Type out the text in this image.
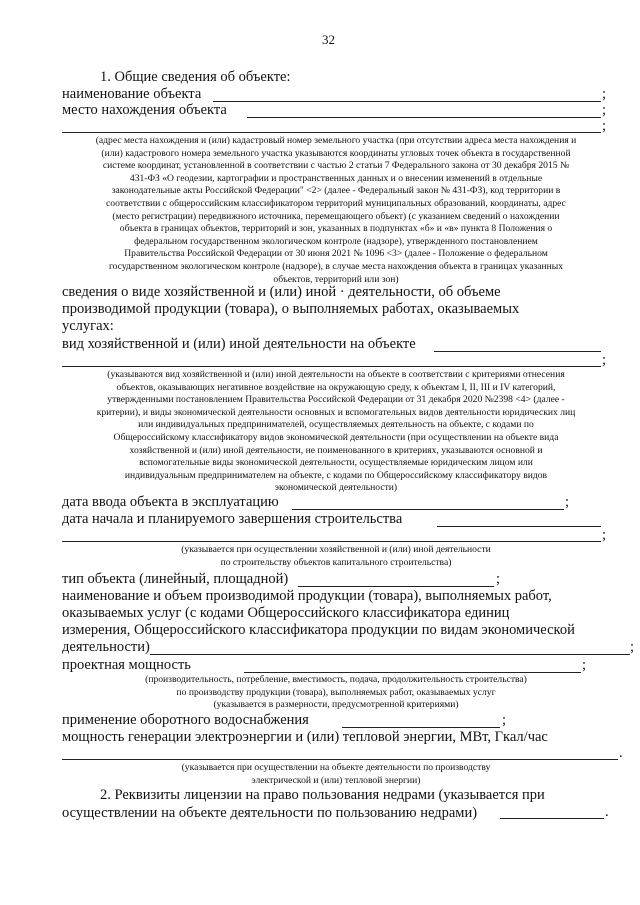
32
1. Общие сведения об объекте:
наименование объекта	;
место нахождения объекта	;
;
(адрес места нахождения и (или) кадастровый номер земельного участка (при отсутствии адреса места нахождения и
(или) кадастрового номера земельного участка указываются координаты угловых точек объекта в государственной
системе координат, установленной в соответствии с частью 2 статьи 7 Федерального закона от 30 декабря 2015 №
431-ФЗ «О геодезии, картографии и пространственных данных и о внесении изменений в отдельные
законодательные акты Российской Федерации" <2> (далее - Федеральный закон № 431-ФЗ), код территории в
соответствии с общероссийским классификатором территорий муниципальных образований, координаты, адрес
(место регистрации) передвижного источника, перемещающего объект) (с указанием сведений о нахождении
объекта в границах объектов, территорий и зон, указанных в подпунктах «б» и «в» пункта 8 Положения о
федеральном государственном экологическом контроле (надзоре), утвержденного постановлением
Правительства Российской Федерации от 30 июня 2021 № 1096 <3> (далее - Положение о федеральном
государственном экологическом контроле (надзоре), в случае места нахождения объекта в границах указанных
объектов, территорий или зон)
сведения о виде хозяйственной и (или) иной · деятельности, об объеме
производимой продукции (товара), о выполняемых работах, оказываемых
услугах:
вид хозяйственной и (или) иной деятельности на объекте
;
(указываются вид хозяйственной и (или) иной деятельности на объекте в соответствии с критериями отнесения
объектов, оказывающих негативное воздействие на окружающую среду, к объектам I, II, III и IV категорий,
утвержденными постановлением Правительства Российской Федерации от 31 декабря 2020 №2398 <4> (далее -
критерии), и виды экономической деятельности основных и вспомогательных видов деятельности юридических лиц
или индивидуальных предпринимателей, осуществляемых деятельность на объекте, с кодами по
Общероссийскому классификатору видов экономической деятельности (при осуществлении на объекте вида
хозяйственной и (или) иной деятельности, не поименованного в критериях, указываются основной и
вспомогательные виды экономической деятельности, осуществляемые юридическим лицом или
индивидуальным предпринимателем на объекте, с кодами по Общероссийскому классификатору видов
экономической деятельности)
дата ввода объекта в эксплуатацию	;
дата начала и планируемого завершения строительства
;
(указывается при осуществлении хозяйственной и (или) иной деятельности
по строительству объектов капитального строительства)
тип объекта (линейный, площадной)	;
наименование и объем производимой продукции (товара), выполняемых работ,
оказываемых услуг (с кодами Общероссийского классификатора единиц
измерения, Общероссийского классификатора продукции по видам экономической
деятельности)	;
проектная мощность	;
(производительность, потребление, вместимость, подача, продолжительность строительства)
по производству продукции (товара), выполняемых работ, оказываемых услуг
(указывается в размерности, предусмотренной критериями)
применение оборотного водоснабжения	;
мощность генерации электроэнергии и (или) тепловой энергии, МВт, Гкал/час
.
(указывается при осуществлении на объекте деятельности по производству
электрической и (или) тепловой энергии)
2. Реквизиты лицензии на право пользования недрами (указывается при
осуществлении на объекте деятельности по пользованию недрами)	.
